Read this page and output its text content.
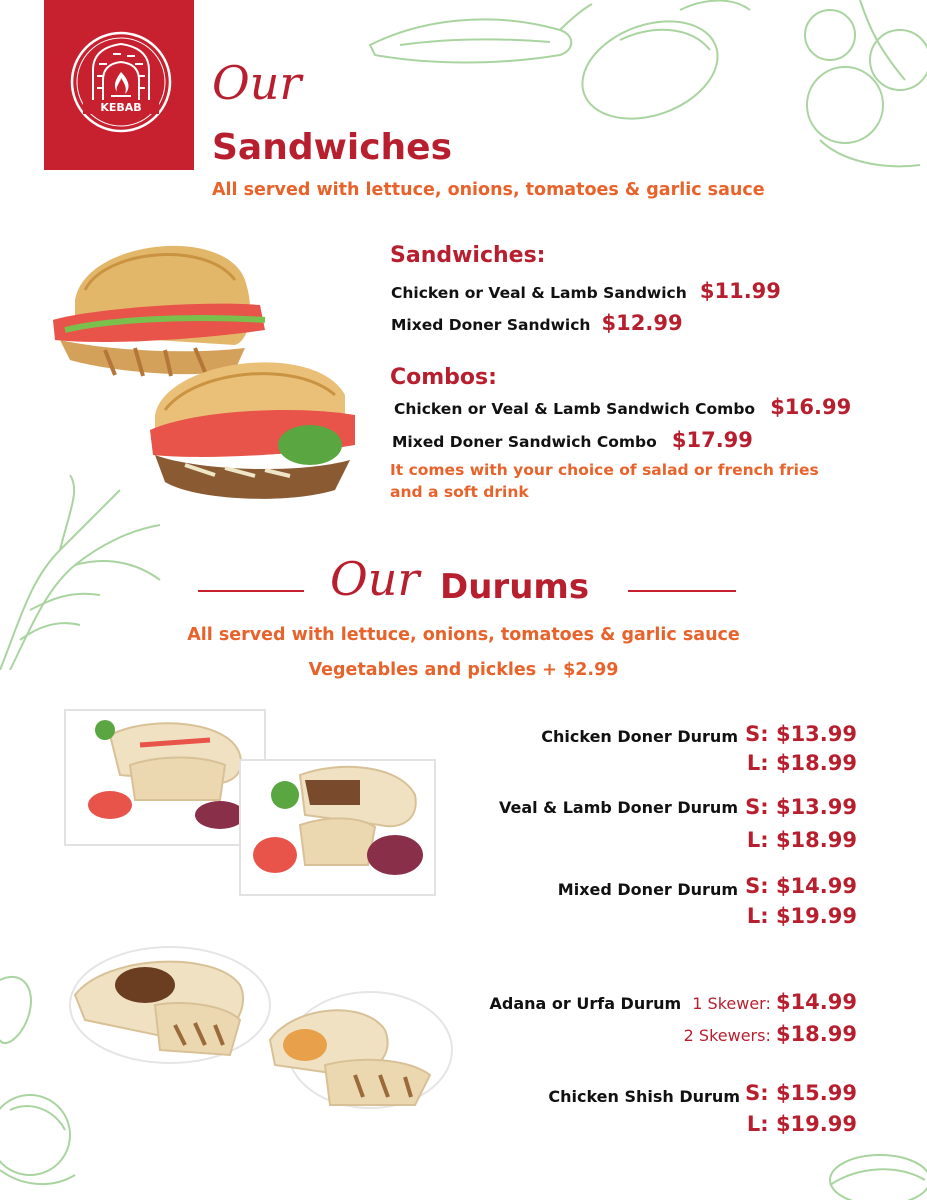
KEBAB Our
Sandwiches
All served with lettuce, onions, tomatoes & garlic sauce
Sandwiches:
Chicken or Veal & Lamb Sandwich $11.99
Mixed Doner Sandwich $12.99
Combos:
Chicken or Veal & Lamb Sandwich Combo $16.99
Mixed Doner Sandwich Combo $17.99
It comes with your choice of salad or french fries
and a soft drink
Our Durums
All served with lettuce, onions, tomatoes & garlic sauce
Vegetables and pickles + $2.99
Chicken Doner Durum S: $13.99
L: $18.99
Veal & Lamb Doner Durum S: $13.99
L: $18.99
Mixed Doner Durum S: $14.99
L: $19.99
Adana or Urfa Durum 1 Skewer: $14.99
2 Skewers: $18.99
Chicken Shish Durum S: $15.99
L: $19.99
